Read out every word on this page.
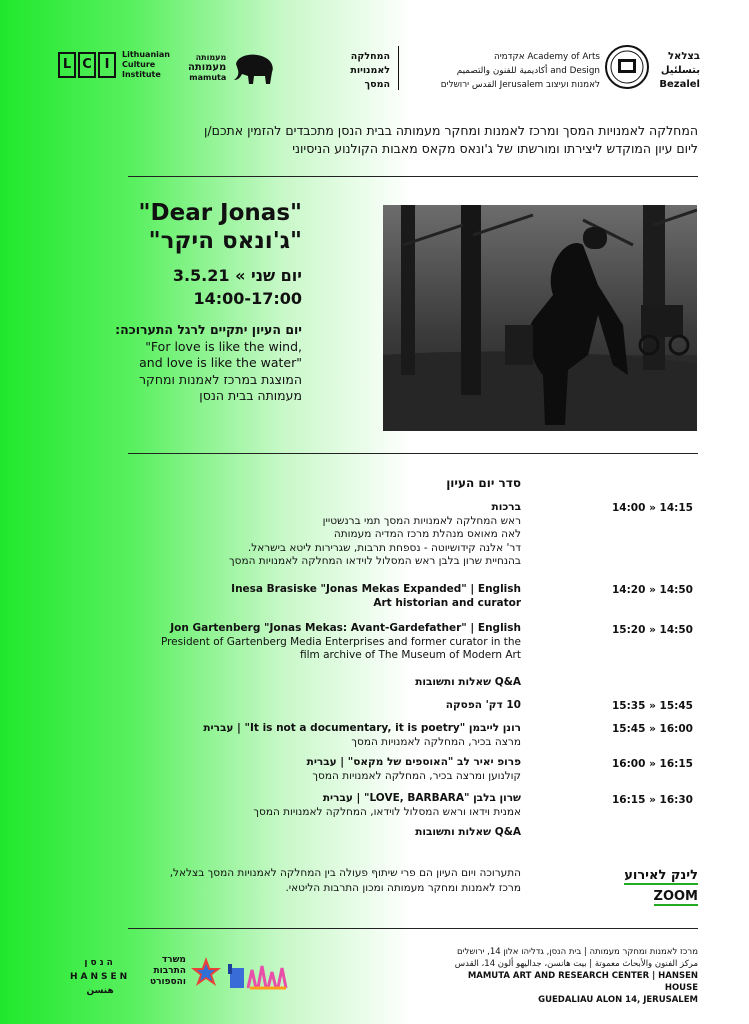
L C I
Lithuanian Culture Institute
מעמותה
מעמותה
mamuta
המחלקה
לאמנויות
המסך
Academy of Arts אקדמיה
and Design أكاديمية للفنون والتصميم
לאמנות ועיצוב Jerusalem القدس ירושלים
בצלאל
بتسلئيل
Bezalel
המחלקה לאמנויות המסך ומרכז לאמנות ומחקר מעמותה בבית הנסן מתכבדים להזמין אתכם/ן
ליום עיון המוקדש ליצירתו ומורשתו של ג'ונאס מקאס מאבות הקולנוע הניסיוני
"Dear Jonas"
"ג'ונאס היקר"
יום שני » 3.5.21
14:00-17:00
יום העיון יתקיים לרגל התערוכה:
"For love is like the wind,
and love is like the water"
המוצגת במרכז לאמנות ומחקר
מעמותה בבית הנסן
סדר יום העיון
14:00 » 14:15
ברכות
ראש המחלקה לאמנויות המסך תמי ברנשטיין
לאה מאואס מנהלת מרכז המדיה מעמותה
דר' אלנה קידושיוטה - נספחת תרבות, שגרירות ליטא בישראל.
בהנחיית שרון בלבן ראש המסלול לוידאו המחלקה לאמנויות המסך
14:20 » 14:50
Inesa Brasiske "Jonas Mekas Expanded" | English
Art historian and curator
15:20 » 14:50
Jon Gartenberg "Jonas Mekas: Avant-Gardefather" | English
President of Gartenberg Media Enterprises and former curator in the
film archive of The Museum of Modern Art
Q&A שאלות ותשובות
15:35 » 15:45
10 דק' הפסקה
15:45 » 16:00
רונן לייבמן "It is not a documentary, it is poetry" | עברית
מרצה בכיר, המחלקה לאמנויות המסך
16:00 » 16:15
פרופ יאיר לב "האוספים של מקאס" | עברית
קולנוען ומרצה בכיר, המחלקה לאמנויות המסך
16:15 » 16:30
שרון בלבן "LOVE, BARBARA" | עברית
אמנית וידאו וראש המסלול לוידאו, המחלקה לאמנויות המסך
Q&A שאלות ותשובות
לינק לאירוע ZOOM
התערוכה ויום העיון הם פרי שיתוף פעולה בין המחלקה לאמנויות המסך בצלאל,
מרכז לאמנות ומחקר מעמותה ומכון התרבות הליטאי.
הנסן
HANSEN
هنسن
משרד
התרבות
והספורט
מרכז לאמנות ומחקר מעמותה | בית הנסן, גדליהו אלון 14, ירושלים
مركز الفنون والأبحاث معموتة | بيت هانسن، جداليهو ألون 14، القدس
MAMUTA ART AND RESEARCH CENTER | HANSEN HOUSE
GUEDALIAU ALON 14, JERUSALEM
